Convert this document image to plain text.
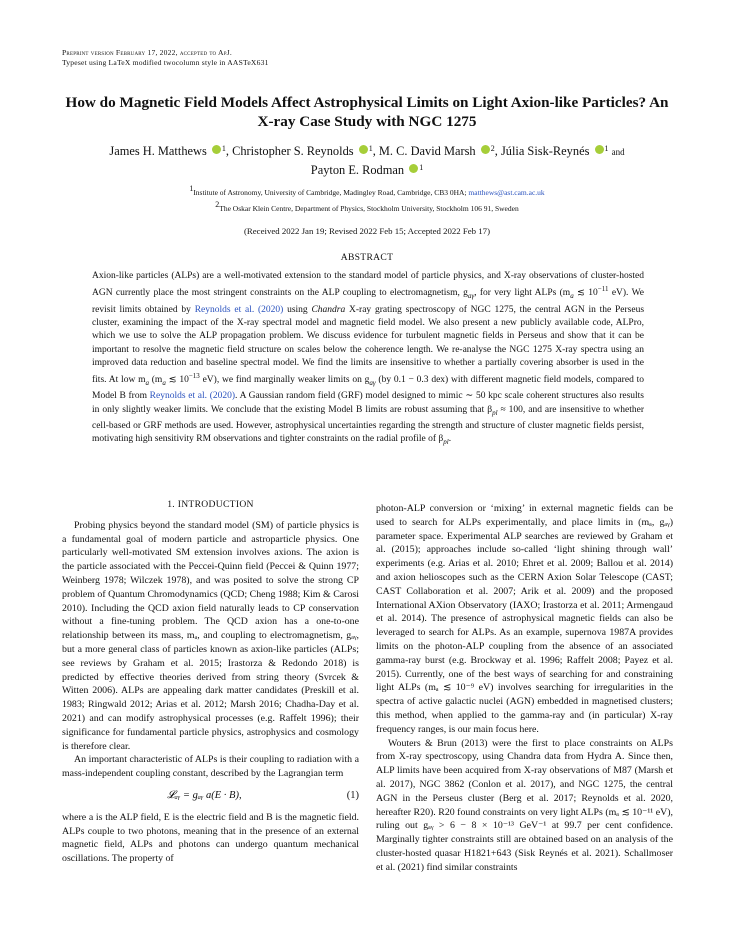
Preprint version February 17, 2022, accepted to ApJ.
Typeset using LaTeX modified twocolumn style in AASTeX631
How do Magnetic Field Models Affect Astrophysical Limits on Light Axion-like Particles? An X-ray Case Study with NGC 1275
James H. Matthews $^1$, Christopher S. Reynolds $^1$, M. C. David Marsh $^2$, Júlia Sisk-Reynés $^1$ and
Payton E. Rodman $^1$
1Institute of Astronomy, University of Cambridge, Madingley Road, Cambridge, CB3 0HA; matthews@ast.cam.ac.uk
2The Oskar Klein Centre, Department of Physics, Stockholm University, Stockholm 106 91, Sweden
(Received 2022 Jan 19; Revised 2022 Feb 15; Accepted 2022 Feb 17)
ABSTRACT
Axion-like particles (ALPs) are a well-motivated extension to the standard model of particle physics, and X-ray observations of cluster-hosted AGN currently place the most stringent constraints on the ALP coupling to electromagnetism, $g_{a\gamma}$, for very light ALPs ($m_a$ ≲ $10^{-11}$ eV). We revisit limits obtained by Reynolds et al. (2020) using Chandra X-ray grating spectroscopy of NGC 1275, the central AGN in the Perseus cluster, examining the impact of the X-ray spectral model and magnetic field model. We also present a new publicly available code, ALPro, which we use to solve the ALP propagation problem. We discuss evidence for turbulent magnetic fields in Perseus and show that it can be important to resolve the magnetic field structure on scales below the coherence length. We re-analyse the NGC 1275 X-ray spectra using an improved data reduction and baseline spectral model. We find the limits are insensitive to whether a partially covering absorber is used in the fits. At low $m_a$ ($m_a$ ≲ $10^{-13}$ eV), we find marginally weaker limits on $g_{a\gamma}$ (by 0.1 − 0.3 dex) with different magnetic field models, compared to Model B from Reynolds et al. (2020). A Gaussian random field (GRF) model designed to mimic ∼ 50 kpc scale coherent structures also results in only slightly weaker limits. We conclude that the existing Model B limits are robust assuming that $\beta_{pl} \approx 100$, and are insensitive to whether cell-based or GRF methods are used. However, astrophysical uncertainties regarding the strength and structure of cluster magnetic fields persist, motivating high sensitivity RM observations and tighter constraints on the radial profile of $\beta_{pl}$.
1. INTRODUCTION

Probing physics beyond the standard model (SM) of particle physics is a fundamental goal of modern particle and astroparticle physics. One particularly well-motivated SM extension involves axions. The axion is the particle associated with the Peccei-Quinn field (Peccei & Quinn 1977; Weinberg 1978; Wilczek 1978), and was posited to solve the strong CP problem of Quantum Chromodynamics (QCD; Cheng 1988; Kim & Carosi 2010). Including the QCD axion field naturally leads to CP conservation without a fine-tuning problem. The QCD axion has a one-to-one relationship between its mass, mₐ, and coupling to electromagnetism, gₐᵧ, but a more general class of particles known as axion-like particles (ALPs; see reviews by Graham et al. 2015; Irastorza & Redondo 2018) is predicted by effective theories derived from string theory (Svrcek & Witten 2006). ALPs are appealing dark matter candidates (Preskill et al. 1983; Ringwald 2012; Arias et al. 2012; Marsh 2016; Chadha-Day et al. 2021) and can modify astrophysical processes (e.g. Raffelt 1996); their significance for fundamental particle physics, astrophysics and cosmology is therefore clear.

An important characteristic of ALPs is their coupling to radiation with a mass-independent coupling constant, described by the Lagrangian term

𝓛ₐᵧ = gₐᵧ a(E · B),	(1)

where a is the ALP field, E is the electric field and B is the magnetic field. ALPs couple to two photons, meaning that in the presence of an external magnetic field, ALPs and photons can undergo quantum mechanical oscillations. The property of

photon-ALP conversion or ‘mixing’ in external magnetic fields can be used to search for ALPs experimentally, and place limits in (mₐ, gₐᵧ) parameter space. Experimental ALP searches are reviewed by Graham et al. (2015); approaches include so-called ‘light shining through wall’ experiments (e.g. Arias et al. 2010; Ehret et al. 2009; Ballou et al. 2014) and axion helioscopes such as the CERN Axion Solar Telescope (CAST; CAST Collaboration et al. 2007; Arik et al. 2009) and the proposed International AXion Observatory (IAXO; Irastorza et al. 2011; Armengaud et al. 2014). The presence of astrophysical magnetic fields can also be leveraged to search for ALPs. As an example, supernova 1987A provides limits on the photon-ALP coupling from the absence of an associated gamma-ray burst (e.g. Brockway et al. 1996; Raffelt 2008; Payez et al. 2015). Currently, one of the best ways of searching for and constraining light ALPs (mₐ ≲ 10⁻⁹ eV) involves searching for irregularities in the spectra of active galactic nuclei (AGN) embedded in magnetised clusters; this method, when applied to the gamma-ray and (in particular) X-ray frequency ranges, is our main focus here.

Wouters & Brun (2013) were the first to place constraints on ALPs from X-ray spectroscopy, using Chandra data from Hydra A. Since then, ALP limits have been acquired from X-ray observations of M87 (Marsh et al. 2017), NGC 3862 (Conlon et al. 2017), and NGC 1275, the central AGN in the Perseus cluster (Berg et al. 2017; Reynolds et al. 2020, hereafter R20). R20 found constraints on very light ALPs (mₐ ≲ 10⁻¹¹ eV), ruling out gₐᵧ > 6 − 8 × 10⁻¹³ GeV⁻¹ at 99.7 per cent confidence. Marginally tighter constraints still are obtained based on an analysis of the cluster-hosted quasar H1821+643 (Sisk Reynés et al. 2021). Schallmoser et al. (2021) find similar constraints
